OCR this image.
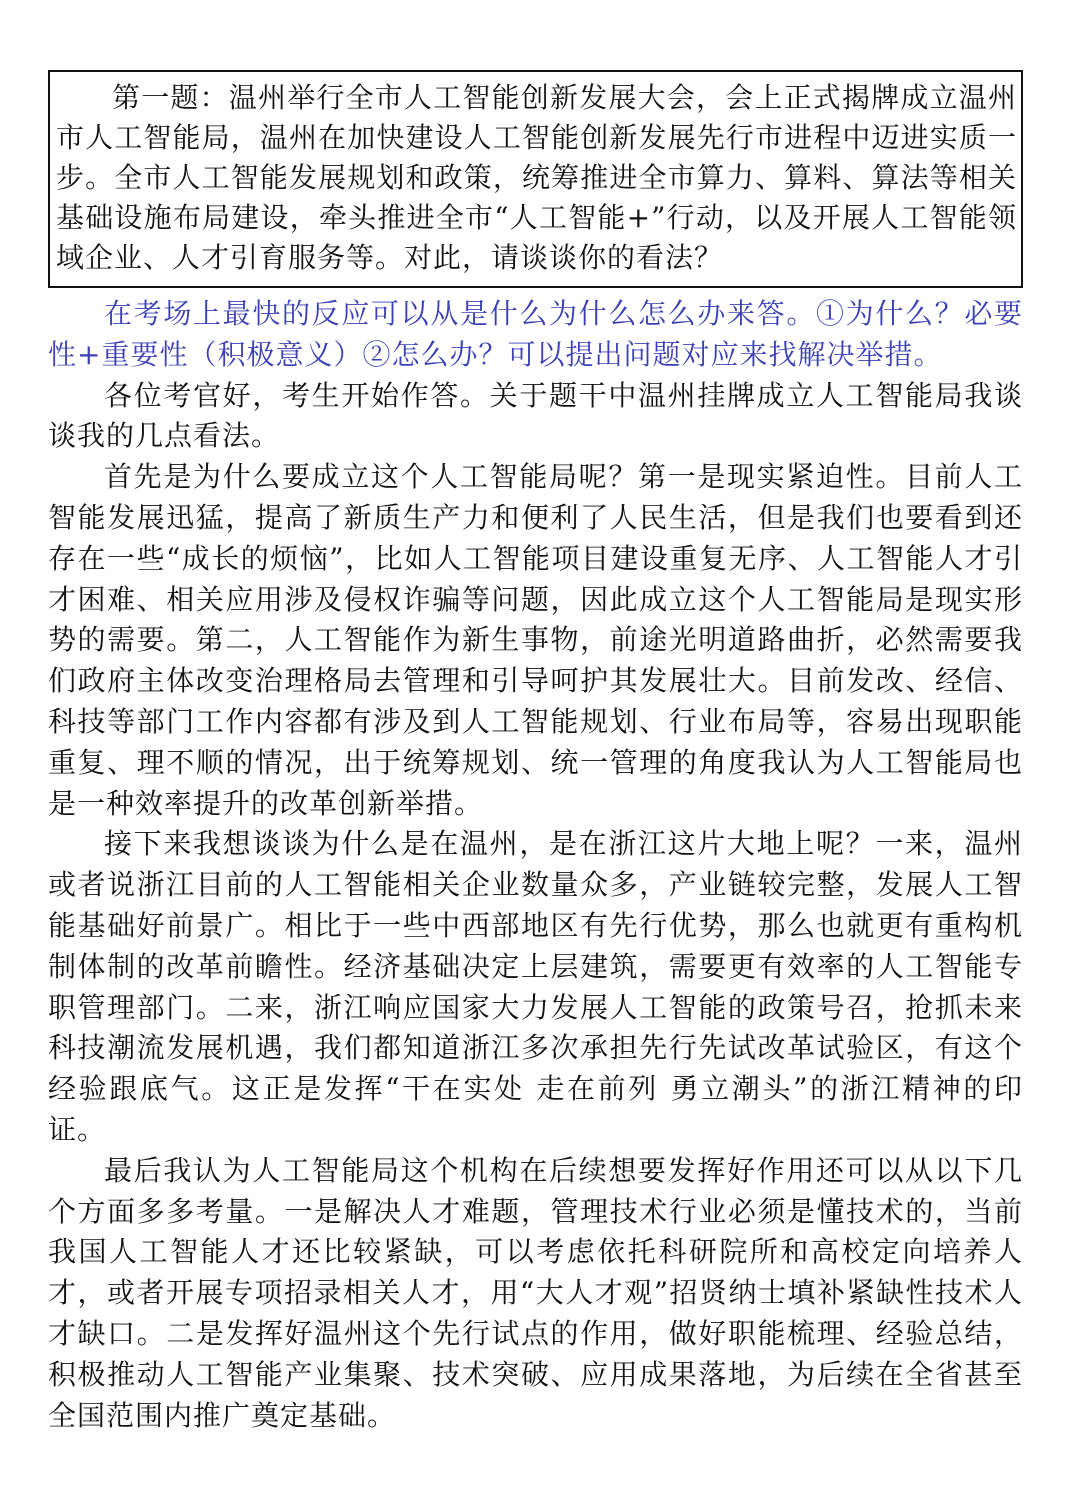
第一题：温州举行全市人工智能创新发展大会，会上正式揭牌成立温州市人工智能局，温州在加快建设人工智能创新发展先行市进程中迈进实质一步。全市人工智能发展规划和政策，统筹推进全市算力、算料、算法等相关基础设施布局建设，牵头推进全市“人工智能+”行动，以及开展人工智能领域企业、人才引育服务等。对此，请谈谈你的看法？

在考场上最快的反应可以从是什么为什么怎么办来答。①为什么？必要性+重要性（积极意义）②怎么办？可以提出问题对应来找解决举措。

各位考官好，考生开始作答。关于题干中温州挂牌成立人工智能局我谈谈我的几点看法。

首先是为什么要成立这个人工智能局呢？第一是现实紧迫性。目前人工智能发展迅猛，提高了新质生产力和便利了人民生活，但是我们也要看到还存在一些“成长的烦恼”，比如人工智能项目建设重复无序、人工智能人才引才困难、相关应用涉及侵权诈骗等问题，因此成立这个人工智能局是现实形势的需要。第二，人工智能作为新生事物，前途光明道路曲折，必然需要我们政府主体改变治理格局去管理和引导呵护其发展壮大。目前发改、经信、科技等部门工作内容都有涉及到人工智能规划、行业布局等，容易出现职能重复、理不顺的情况，出于统筹规划、统一管理的角度我认为人工智能局也是一种效率提升的改革创新举措。

接下来我想谈谈为什么是在温州，是在浙江这片大地上呢？一来，温州或者说浙江目前的人工智能相关企业数量众多，产业链较完整，发展人工智能基础好前景广。相比于一些中西部地区有先行优势，那么也就更有重构机制体制的改革前瞻性。经济基础决定上层建筑，需要更有效率的人工智能专职管理部门。二来，浙江响应国家大力发展人工智能的政策号召，抢抓未来科技潮流发展机遇，我们都知道浙江多次承担先行先试改革试验区，有这个经验跟底气。这正是发挥“干在实处 走在前列 勇立潮头”的浙江精神的印证。

最后我认为人工智能局这个机构在后续想要发挥好作用还可以从以下几个方面多多考量。一是解决人才难题，管理技术行业必须是懂技术的，当前我国人工智能人才还比较紧缺，可以考虑依托科研院所和高校定向培养人才，或者开展专项招录相关人才，用“大人才观”招贤纳士填补紧缺性技术人才缺口。二是发挥好温州这个先行试点的作用，做好职能梳理、经验总结，积极推动人工智能产业集聚、技术突破、应用成果落地，为后续在全省甚至全国范围内推广奠定基础。
